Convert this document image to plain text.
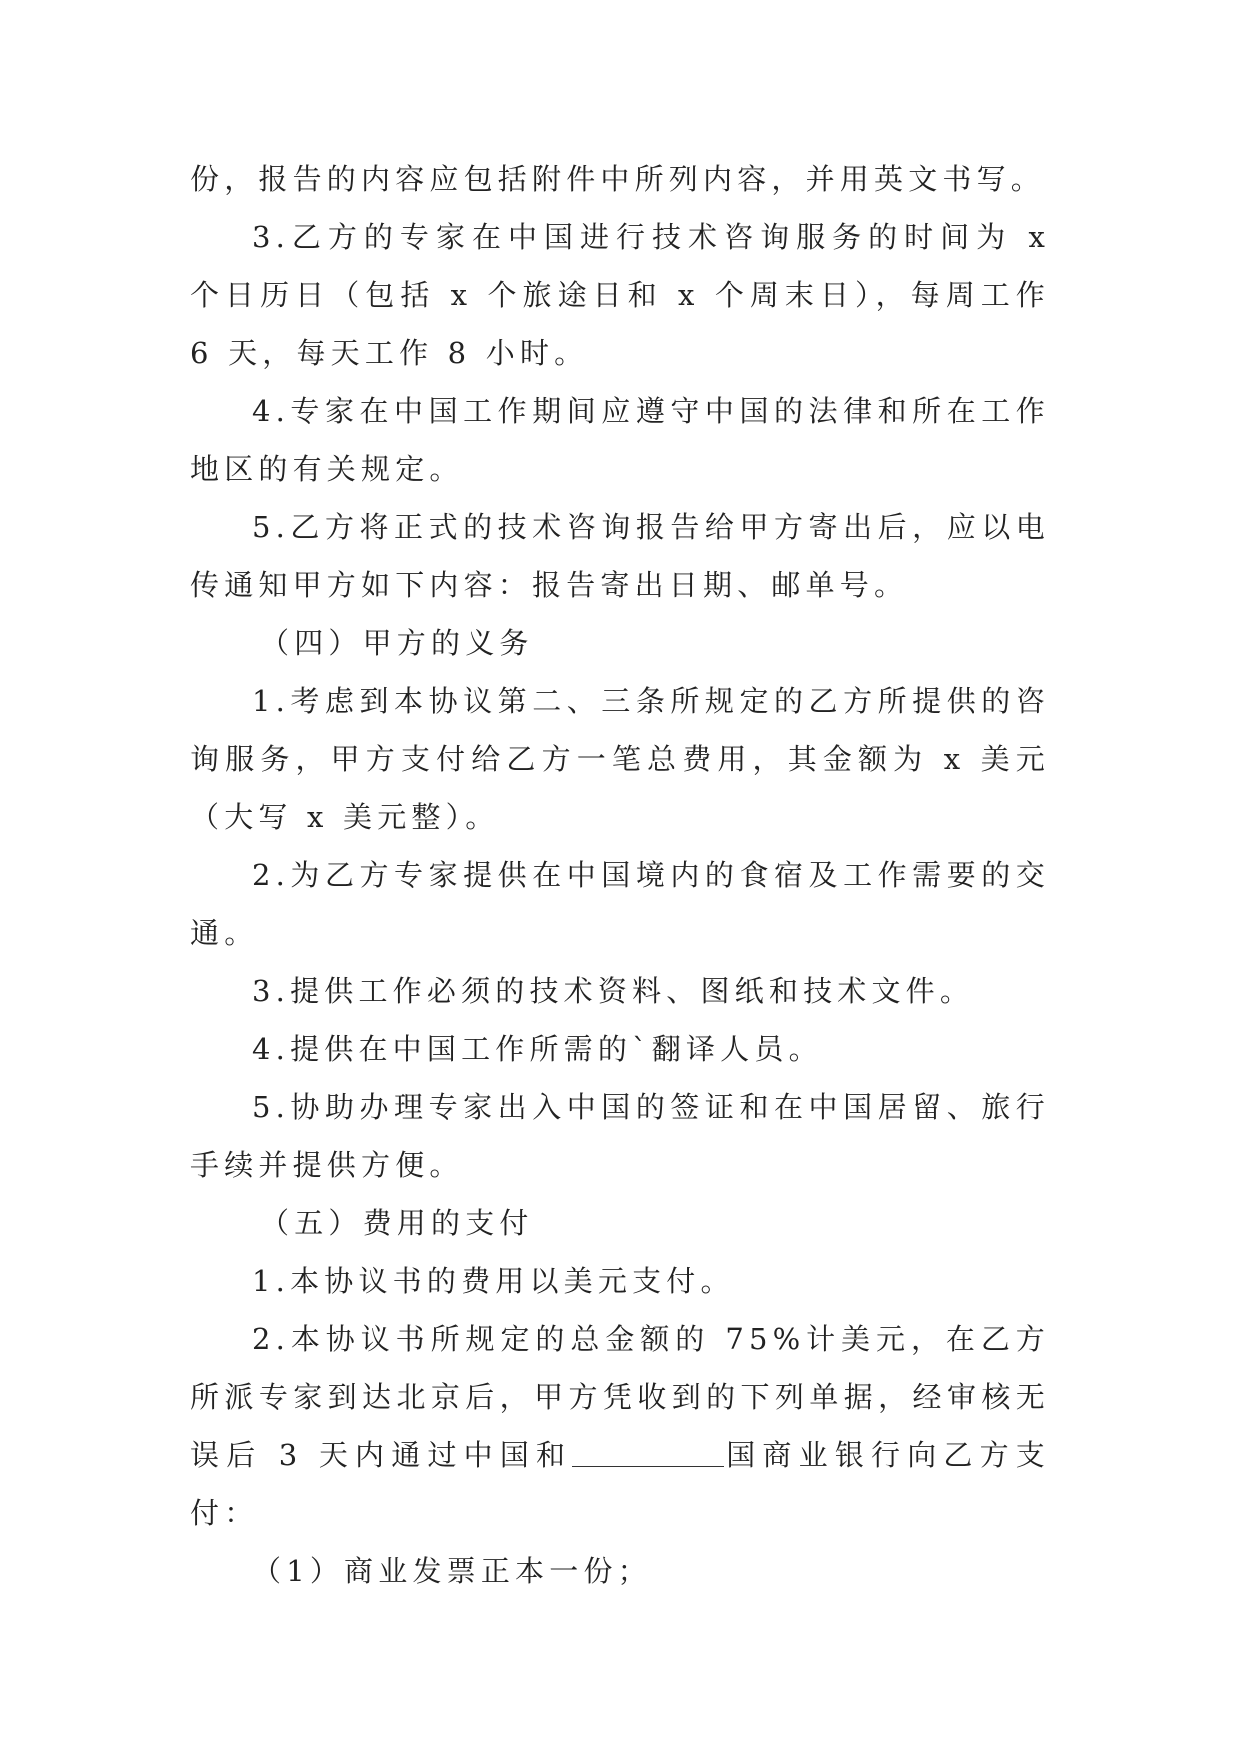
份，报告的内容应包括附件中所列内容，并用英文书写。

3.乙方的专家在中国进行技术咨询服务的时间为 x 个日历日（包括 x 个旅途日和 x 个周末日），每周工作 6 天，每天工作 8 小时。

4.专家在中国工作期间应遵守中国的法律和所在工作地区的有关规定。

5.乙方将正式的技术咨询报告给甲方寄出后，应以电传通知甲方如下内容：报告寄出日期、邮单号。

（四）甲方的义务

1.考虑到本协议第二、三条所规定的乙方所提供的咨询服务，甲方支付给乙方一笔总费用，其金额为 x 美元（大写 x 美元整）。

2.为乙方专家提供在中国境内的食宿及工作需要的交通。

3.提供工作必须的技术资料、图纸和技术文件。

4.提供在中国工作所需的`翻译人员。

5.协助办理专家出入中国的签证和在中国居留、旅行手续并提供方便。

（五）费用的支付

1.本协议书的费用以美元支付。

2.本协议书所规定的总金额的 75%计美元，在乙方所派专家到达北京后，甲方凭收到的下列单据，经审核无误后 3 天内通过中国和	国商业银行向乙方支付：

（1）商业发票正本一份；
